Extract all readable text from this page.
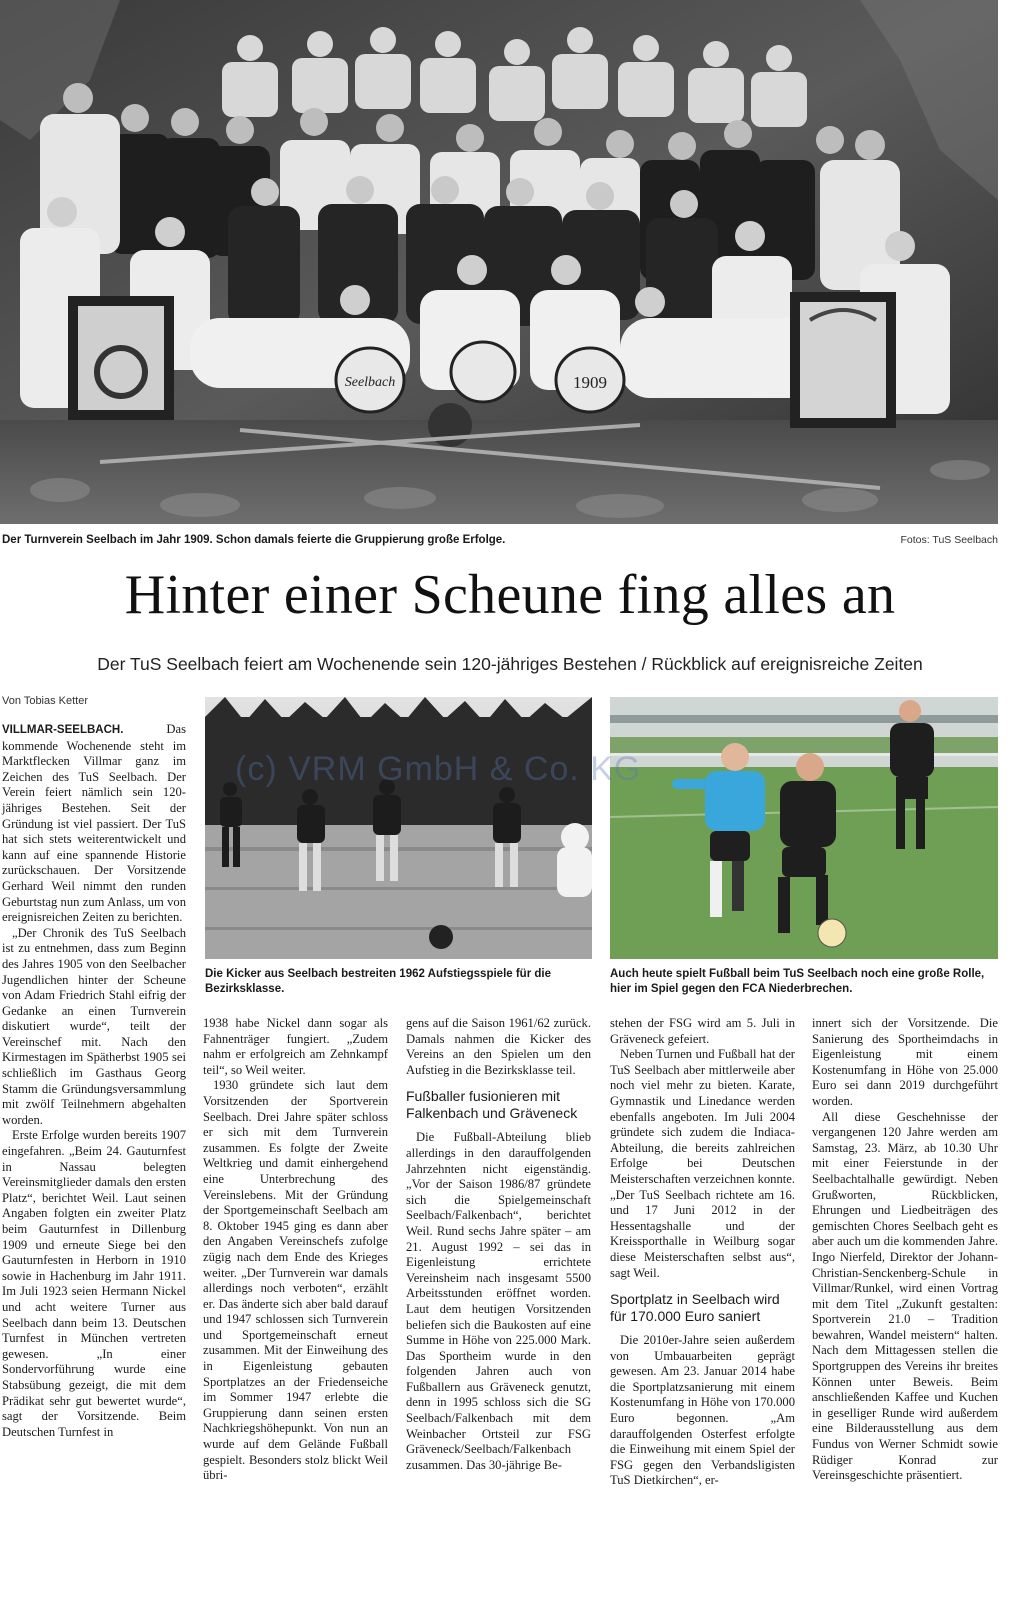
Seelbach	1909
Der Turnverein Seelbach im Jahr 1909. Schon damals feierte die Gruppierung große Erfolge.	Fotos: TuS Seelbach
Hinter einer Scheune fing alles an
Der TuS Seelbach feiert am Wochenende sein 120-jähriges Bestehen / Rückblick auf ereignisreiche Zeiten
Von Tobias Ketter

VILLMAR-SEELBACH. Das kommende Wochenende steht im Marktflecken Villmar ganz im Zeichen des TuS Seelbach. Der Verein feiert nämlich sein 120-jähriges Bestehen. Seit der Gründung ist viel passiert. Der TuS hat sich stets weiterentwickelt und kann auf eine spannende Historie zurückschauen. Der Vorsitzende Gerhard Weil nimmt den runden Geburtstag nun zum Anlass, um von ereignisreichen Zeiten zu berichten.

„Der Chronik des TuS Seelbach ist zu entnehmen, dass zum Beginn des Jahres 1905 von den Seelbacher Jugendlichen hinter der Scheune von Adam Friedrich Stahl eifrig der Gedanke an einen Turnverein diskutiert wurde“, teilt der Vereinschef mit. Nach den Kirmestagen im Spätherbst 1905 sei schließlich im Gasthaus Georg Stamm die Gründungsversammlung mit zwölf Teilnehmern abgehalten worden.

Erste Erfolge wurden bereits 1907 eingefahren. „Beim 24. Gauturnfest in Nassau belegten Vereinsmitglieder damals den ersten Platz“, berichtet Weil. Laut seinen Angaben folgten ein zweiter Platz beim Gauturnfest in Dillenburg 1909 und erneute Siege bei den Gauturnfesten in Herborn in 1910 sowie in Hachenburg im Jahr 1911. Im Juli 1923 seien Hermann Nickel und acht weitere Turner aus Seelbach dann beim 13. Deutschen Turnfest in München vertreten gewesen. „In einer Sondervorführung wurde eine Stabsübung gezeigt, die mit dem Prädikat sehr gut bewertet wurde“, sagt der Vorsitzende. Beim Deutschen Turnfest in

Die Kicker aus Seelbach bestreiten 1962 Aufstiegsspiele für die Bezirksklasse.
Auch heute spielt Fußball beim TuS Seelbach noch eine große Rolle, hier im Spiel gegen den FCA Niederbrechen.
(c) VRM GmbH & Co. KG

1938 habe Nickel dann sogar als Fahnenträger fungiert. „Zudem nahm er erfolgreich am Zehnkampf teil“, so Weil weiter.

1930 gründete sich laut dem Vorsitzenden der Sportverein Seelbach. Drei Jahre später schloss er sich mit dem Turnverein zusammen. Es folgte der Zweite Weltkrieg und damit einhergehend eine Unterbrechung des Vereinslebens. Mit der Gründung der Sportgemeinschaft Seelbach am 8. Oktober 1945 ging es dann aber den Angaben Vereinschefs zufolge zügig nach dem Ende des Krieges weiter. „Der Turnverein war damals allerdings noch verboten“, erzählt er. Das änderte sich aber bald darauf und 1947 schlossen sich Turnverein und Sportgemeinschaft erneut zusammen. Mit der Einweihung des in Eigenleistung gebauten Sportplatzes an der Friedenseiche im Sommer 1947 erlebte die Gruppierung dann seinen ersten Nachkriegshöhepunkt. Von nun an wurde auf dem Gelände Fußball gespielt. Besonders stolz blickt Weil übri-

gens auf die Saison 1961/62 zurück. Damals nahmen die Kicker des Vereins an den Spielen um den Aufstieg in die Bezirksklasse teil.

Fußballer fusionieren mit Falkenbach und Gräveneck

Die Fußball-Abteilung blieb allerdings in den darauffolgenden Jahrzehnten nicht eigenständig. „Vor der Saison 1986/87 gründete sich die Spielgemeinschaft Seelbach/Falkenbach“, berichtet Weil. Rund sechs Jahre später – am 21. August 1992 – sei das in Eigenleistung errichtete Vereinsheim nach insgesamt 5500 Arbeitsstunden eröffnet worden. Laut dem heutigen Vorsitzenden beliefen sich die Baukosten auf eine Summe in Höhe von 225.000 Mark. Das Sportheim wurde in den folgenden Jahren auch von Fußballern aus Gräveneck genutzt, denn in 1995 schloss sich die SG Seelbach/Falkenbach mit dem Weinbacher Ortsteil zur FSG Gräveneck/Seelbach/Falkenbach zusammen. Das 30-jährige Be-

stehen der FSG wird am 5. Juli in Gräveneck gefeiert.

Neben Turnen und Fußball hat der TuS Seelbach aber mittlerweile aber noch viel mehr zu bieten. Karate, Gymnastik und Linedance werden ebenfalls angeboten. Im Juli 2004 gründete sich zudem die Indiaca-Abteilung, die bereits zahlreichen Erfolge bei Deutschen Meisterschaften verzeichnen konnte. „Der TuS Seelbach richtete am 16. und 17 Juni 2012 in der Hessentagshalle und der Kreissporthalle in Weilburg sogar diese Meisterschaften selbst aus“, sagt Weil.

Sportplatz in Seelbach wird für 170.000 Euro saniert

Die 2010er-Jahre seien außerdem von Umbauarbeiten geprägt gewesen. Am 23. Januar 2014 habe die Sportplatzsanierung mit einem Kostenumfang in Höhe von 170.000 Euro begonnen. „Am darauffolgenden Osterfest erfolgte die Einweihung mit einem Spiel der FSG gegen den Verbandsligisten TuS Dietkirchen“, er-

innert sich der Vorsitzende. Die Sanierung des Sportheimdachs in Eigenleistung mit einem Kostenumfang in Höhe von 25.000 Euro sei dann 2019 durchgeführt worden.

All diese Geschehnisse der vergangenen 120 Jahre werden am Samstag, 23. März, ab 10.30 Uhr mit einer Feierstunde in der Seelbachtalhalle gewürdigt. Neben Grußworten, Rückblicken, Ehrungen und Liedbeiträgen des gemischten Chores Seelbach geht es aber auch um die kommenden Jahre. Ingo Nierfeld, Direktor der Johann-Christian-Senckenberg-Schule in Villmar/Runkel, wird einen Vortrag mit dem Titel „Zukunft gestalten: Sportverein 21.0 – Tradition bewahren, Wandel meistern“ halten. Nach dem Mittagessen stellen die Sportgruppen des Vereins ihr breites Können unter Beweis. Beim anschließenden Kaffee und Kuchen in geselliger Runde wird außerdem eine Bilderausstellung aus dem Fundus von Werner Schmidt sowie Rüdiger Konrad zur Vereinsgeschichte präsentiert.
